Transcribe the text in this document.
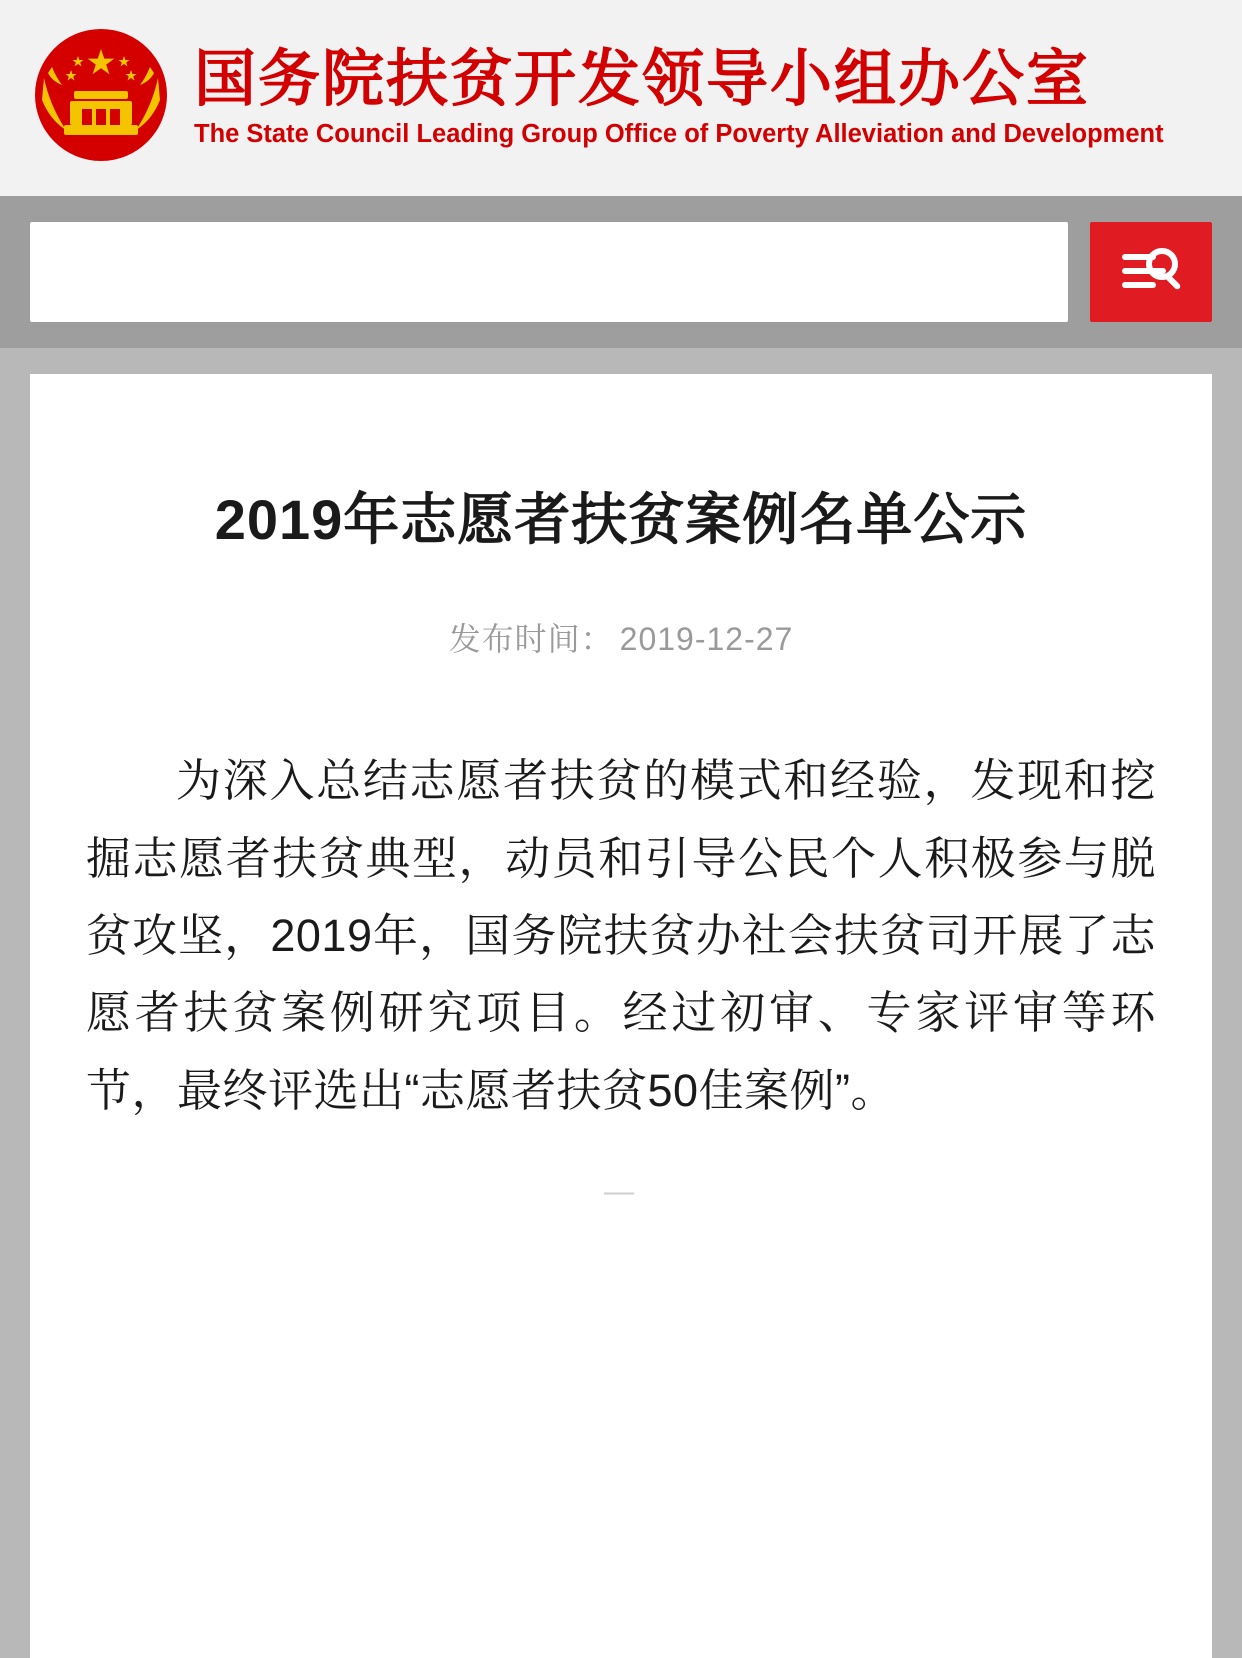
国务院扶贫开发领导小组办公室
The State Council Leading Group Office of Poverty Alleviation and Development
2019年志愿者扶贫案例名单公示
发布时间： 2019-12-27

为深入总结志愿者扶贫的模式和经验，发现和挖掘志愿者扶贫典型，动员和引导公民个人积极参与脱贫攻坚，2019年，国务院扶贫办社会扶贫司开展了志愿者扶贫案例研究项目。经过初审、专家评审等环节，最终评选出“志愿者扶贫50佳案例”。

—
